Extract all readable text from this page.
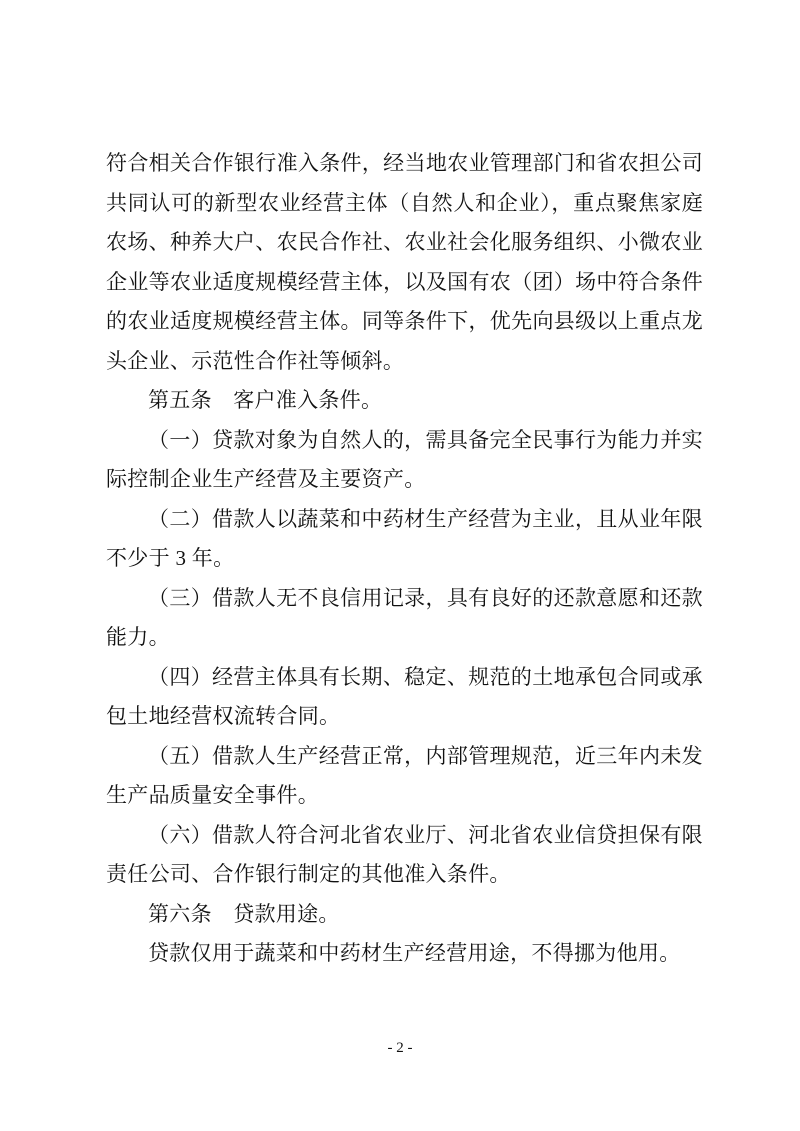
符合相关合作银行准入条件，经当地农业管理部门和省农担公司
共同认可的新型农业经营主体（自然人和企业），重点聚焦家庭
农场、种养大户、农民合作社、农业社会化服务组织、小微农业
企业等农业适度规模经营主体，以及国有农（团）场中符合条件
的农业适度规模经营主体。同等条件下，优先向县级以上重点龙
头企业、示范性合作社等倾斜。
第五条　客户准入条件。
（一）贷款对象为自然人的，需具备完全民事行为能力并实
际控制企业生产经营及主要资产。
（二）借款人以蔬菜和中药材生产经营为主业，且从业年限
不少于 3 年。
（三）借款人无不良信用记录，具有良好的还款意愿和还款
能力。
（四）经营主体具有长期、稳定、规范的土地承包合同或承
包土地经营权流转合同。
（五）借款人生产经营正常，内部管理规范，近三年内未发
生产品质量安全事件。
（六）借款人符合河北省农业厅、河北省农业信贷担保有限
责任公司、合作银行制定的其他准入条件。
第六条　贷款用途。
贷款仅用于蔬菜和中药材生产经营用途，不得挪为他用。
- 2 -
